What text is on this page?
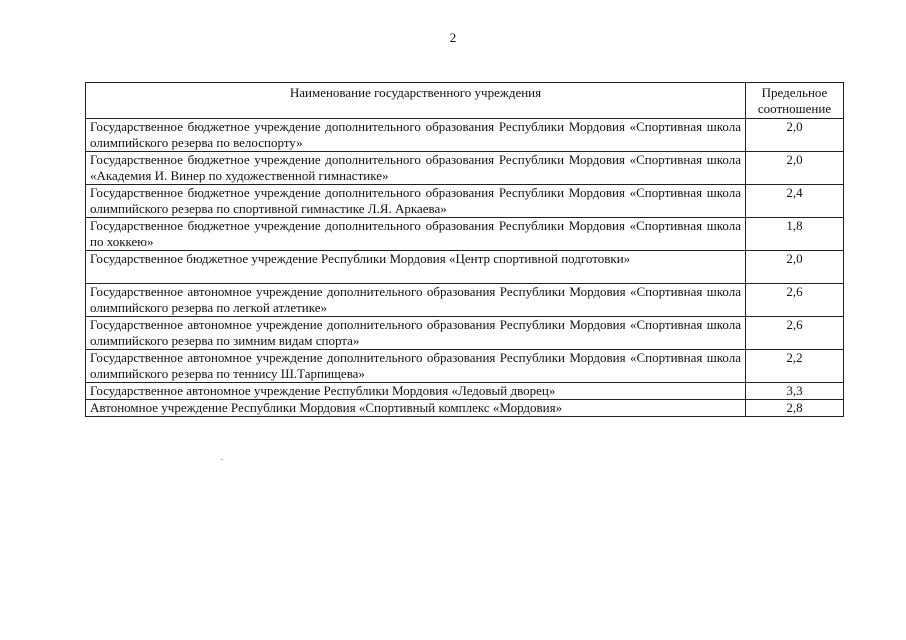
2
Наименование государственного учреждения	Предельное соотношение
Государственное бюджетное учреждение дополнительного образования Республики Мордовия «Спортивная школа олимпийского резерва по велоспорту»	2,0
Государственное бюджетное учреждение дополнительного образования Республики Мордовия «Спортивная школа «Академия И. Винер по художественной гимнастике»	2,0
Государственное бюджетное учреждение дополнительного образования Республики Мордовия «Спортивная школа олимпийского резерва по спортивной гимнастике Л.Я. Аркаева»	2,4
Государственное бюджетное учреждение дополнительного образования Республики Мордовия «Спортивная школа по хоккею»	1,8
Государственное бюджетное учреждение Республики Мордовия «Центр спортивной подготовки»	2,0
Государственное автономное учреждение дополнительного образования Республики Мордовия «Спортивная школа олимпийского резерва по легкой атлетике»	2,6
Государственное автономное учреждение дополнительного образования Республики Мордовия «Спортивная школа олимпийского резерва по зимним видам спорта»	2,6
Государственное автономное учреждение дополнительного образования Республики Мордовия «Спортивная школа олимпийского резерва по теннису Ш.Тарпищева»	2,2
Государственное автономное учреждение Республики Мордовия «Ледовый дворец»	3,3
Автономное учреждение Республики Мордовия «Спортивный комплекс «Мордовия»	2,8
